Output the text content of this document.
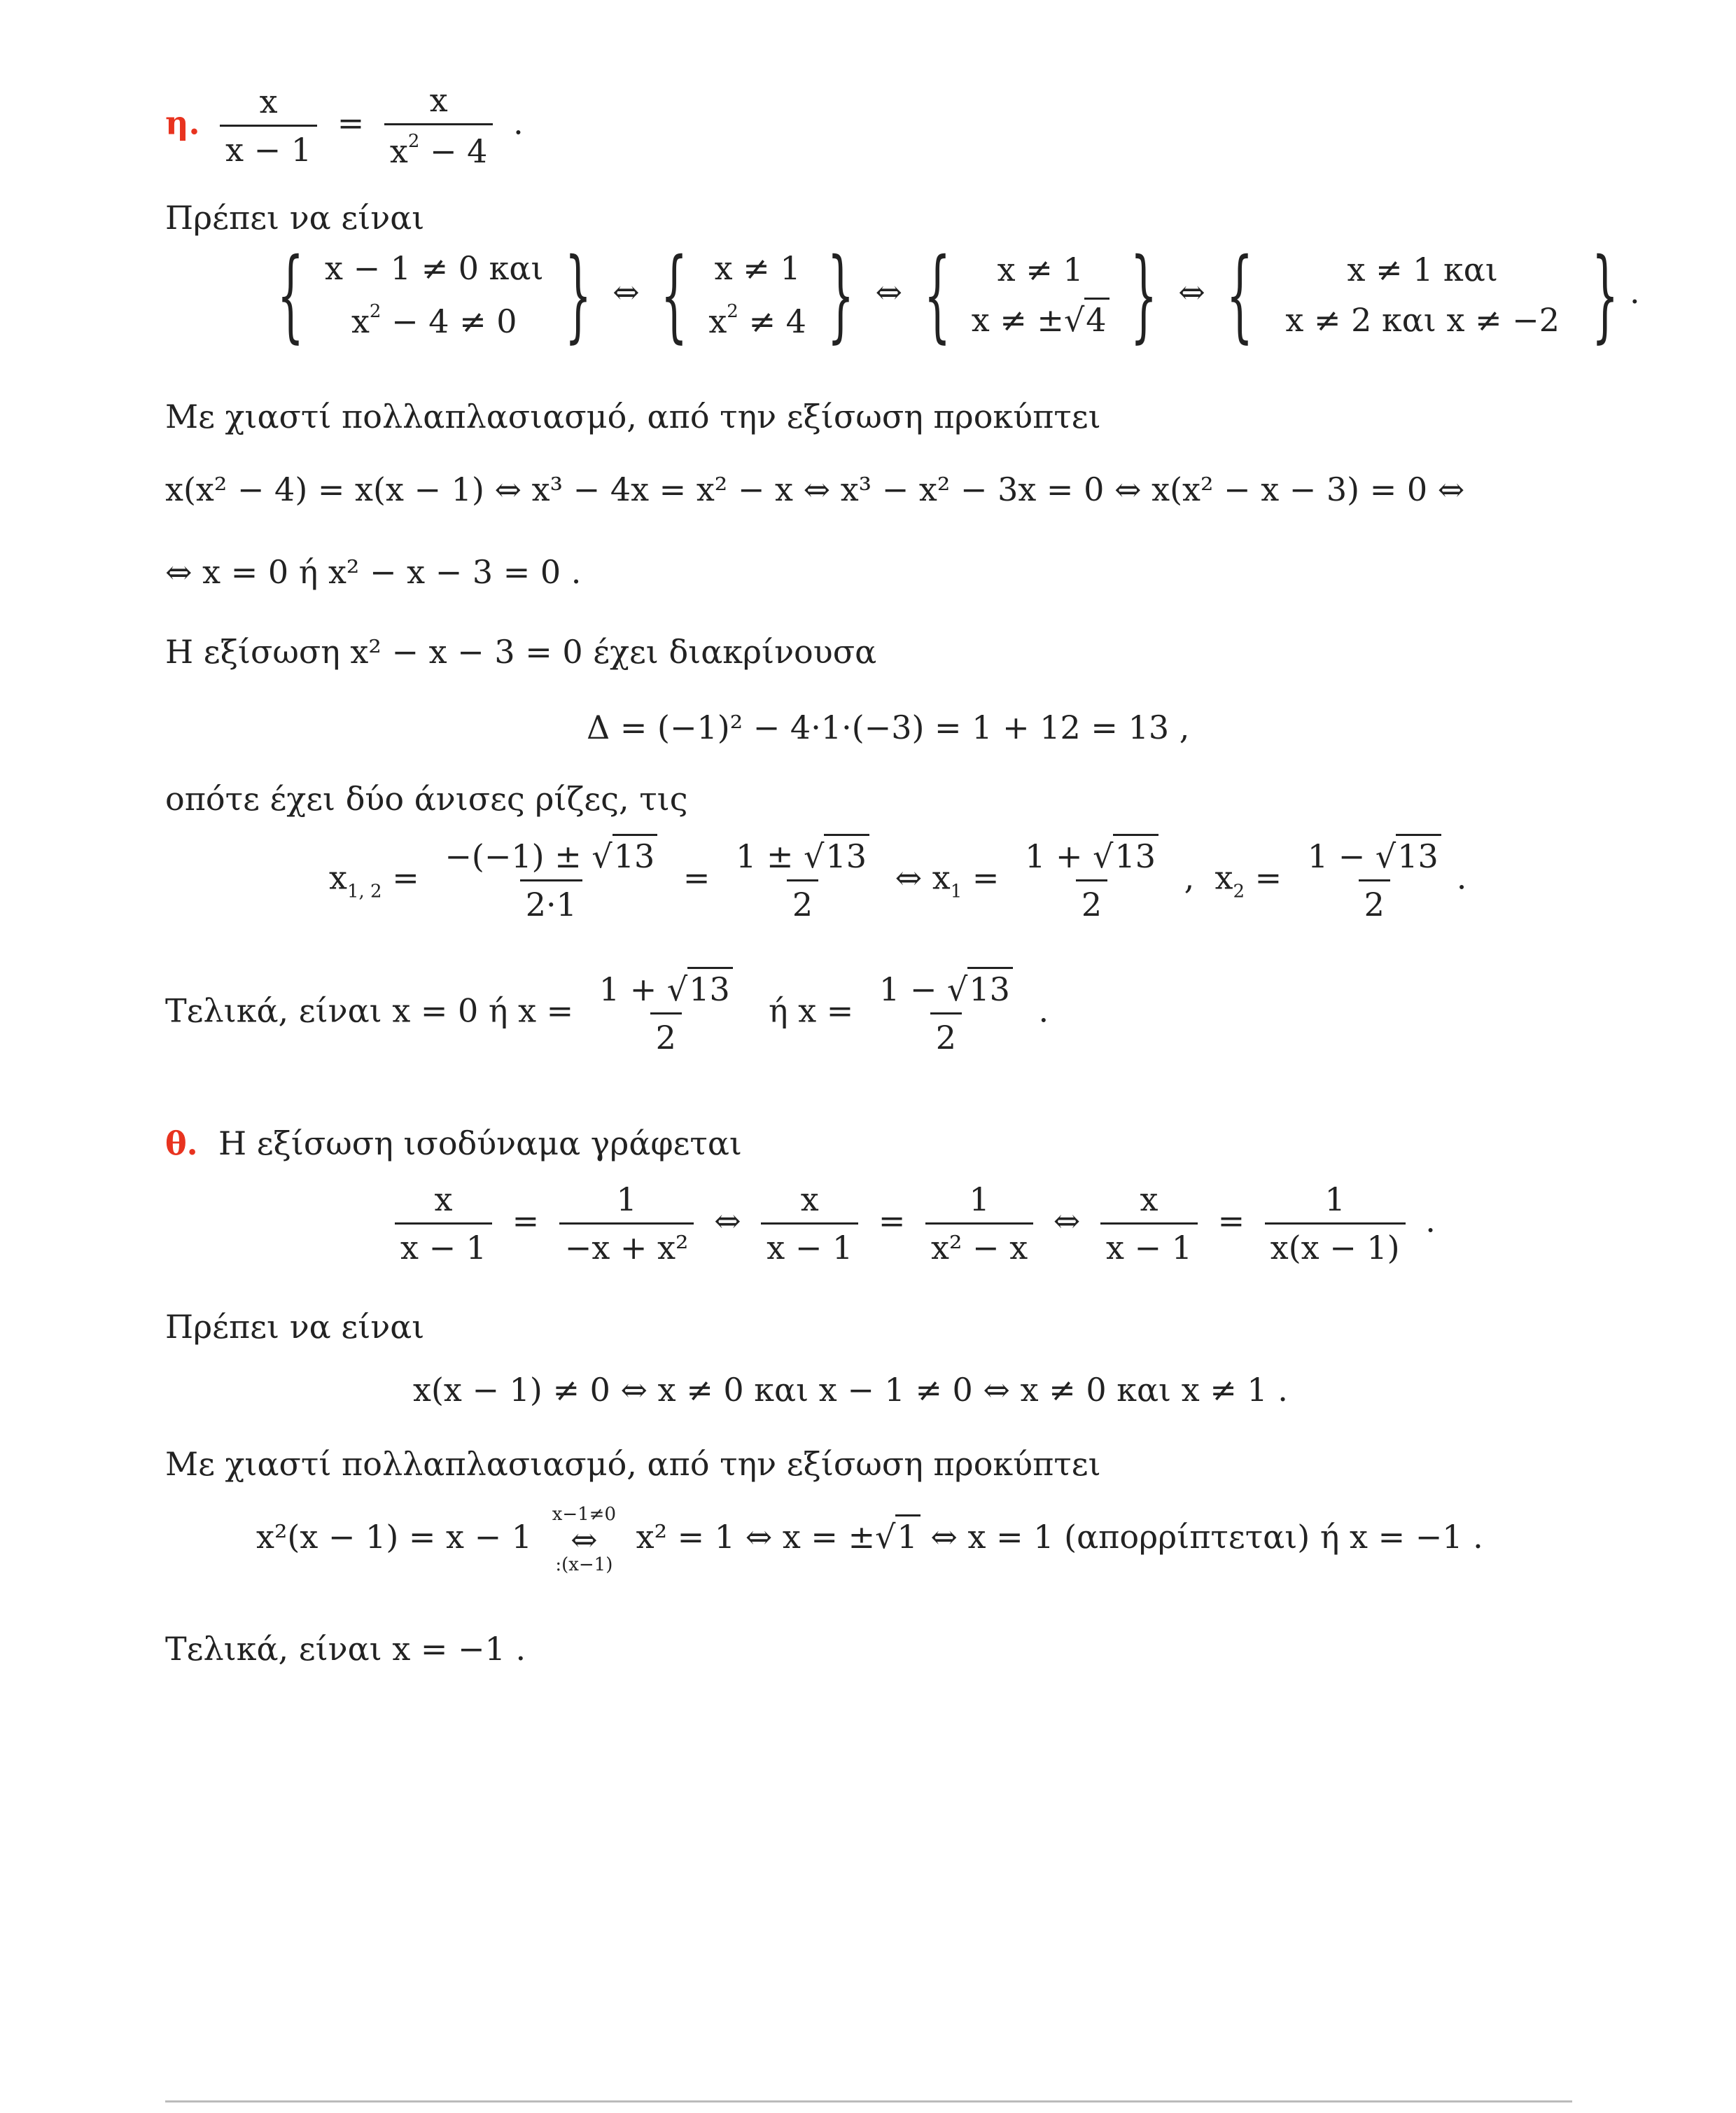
η. $\frac{x}{x - 1} = \frac{x}{x^2 - 4}$ .
Πρέπει να είναι
{ x − 1 ≠ 0 και
$x^2 - 4 \ne 0$ } ⇔ { x ≠ 1
$x^2 \ne 4$ } ⇔ { x ≠ 1
x ≠ ±√4 } ⇔ {	x ≠ 1 και
x ≠ 2 και x ≠ −2 } .
Με χιαστί πολλαπλασιασμό, από την εξίσωση προκύπτει
x(x² − 4) = x(x − 1) ⇔ x³ − 4x = x² − x ⇔ x³ − x² − 3x = 0 ⇔ x(x² − x − 3) = 0 ⇔
⇔ x = 0 ή x² − x − 3 = 0 .
Η εξίσωση x² − x − 3 = 0 έχει διακρίνουσα
Δ = (−1)² − 4·1·(−3) = 1 + 12 = 13 ,
οπότε έχει δύο άνισες ρίζες, τις
$x_{1, 2} = \frac{-(-1) \pm √13}{2\cdot 1} = \frac{1 \pm √13}{2}$ ⇔ $x_1 = \frac{1 + √13}{2}$ , $x_2 = \frac{1 - √13}{2}$ .
Τελικά, είναι x = 0 ή $x = \frac{1 + √13}{2}$ ή $x = \frac{1 - √13}{2}$ .
θ. Η εξίσωση ισοδύναμα γράφεται
$\frac{x}{x - 1} = \frac{1}{\text{−x + x²}}$ ⇔ $\frac{x}{x - 1} = \frac{1}{\text{x² − x}}$ ⇔ $\frac{x}{x - 1} = \frac{1}{x(x - 1)}$ .
Πρέπει να είναι
x(x − 1) ≠ 0 ⇔ x ≠ 0 και x − 1 ≠ 0 ⇔ x ≠ 0 και x ≠ 1 .
Με χιαστί πολλαπλασιασμό, από την εξίσωση προκύπτει
x²(x − 1) = x − 1
x−1≠0
⇔
:(x−1)
x² = 1 ⇔ x = ±√1 ⇔ x = 1 (απορρίπτεται) ή x = −1 .
Τελικά, είναι x = −1 .
